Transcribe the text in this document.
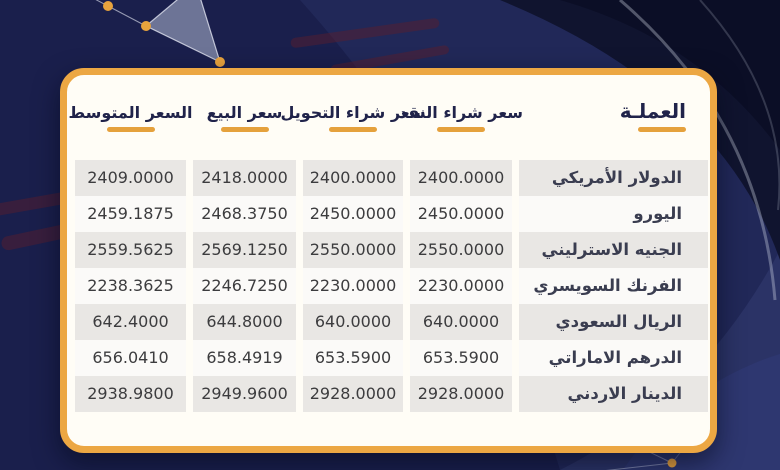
العملـة
سعر شراء النقد
سعر شراء التحويل
سعر البيع
السعر المتوسط
الدولار الأمريكي
2400.0000
2400.0000
2418.0000
2409.0000
اليورو
2450.0000
2450.0000
2468.3750
2459.1875
الجنيه الاسترليني
2550.0000
2550.0000
2569.1250
2559.5625
الفرنك السويسري
2230.0000
2230.0000
2246.7250
2238.3625
الريال السعودي
640.0000
640.0000
644.8000
642.4000
الدرهم الاماراتي
653.5900
653.5900
658.4919
656.0410
الدينار الاردني
2928.0000
2928.0000
2949.9600
2938.9800
